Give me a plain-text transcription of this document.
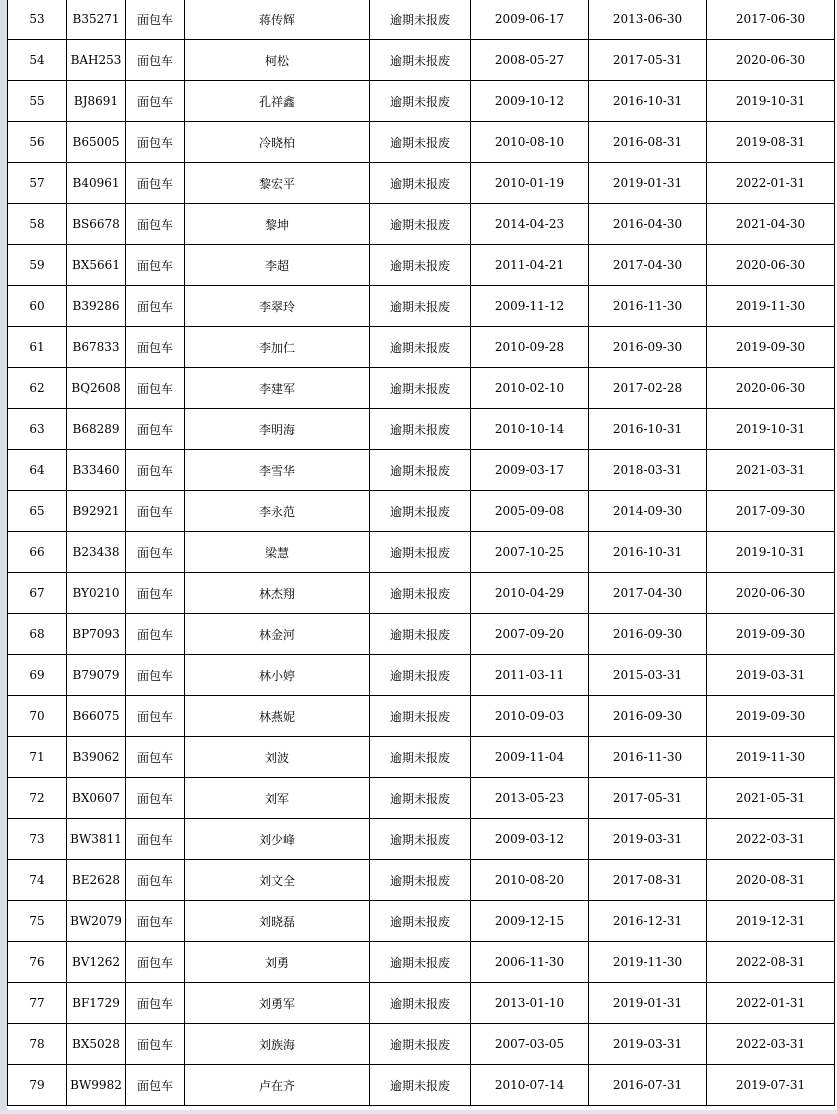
53	B35271	面包车	蒋传辉	逾期未报废	2009-06-17	2013-06-30	2017-06-30
54	BAH253	面包车	柯松	逾期未报废	2008-05-27	2017-05-31	2020-06-30
55	BJ8691	面包车	孔祥鑫	逾期未报废	2009-10-12	2016-10-31	2019-10-31
56	B65005	面包车	冷晓柏	逾期未报废	2010-08-10	2016-08-31	2019-08-31
57	B40961	面包车	黎宏平	逾期未报废	2010-01-19	2019-01-31	2022-01-31
58	BS6678	面包车	黎坤	逾期未报废	2014-04-23	2016-04-30	2021-04-30
59	BX5661	面包车	李超	逾期未报废	2011-04-21	2017-04-30	2020-06-30
60	B39286	面包车	李翠玲	逾期未报废	2009-11-12	2016-11-30	2019-11-30
61	B67833	面包车	李加仁	逾期未报废	2010-09-28	2016-09-30	2019-09-30
62	BQ2608	面包车	李建军	逾期未报废	2010-02-10	2017-02-28	2020-06-30
63	B68289	面包车	李明海	逾期未报废	2010-10-14	2016-10-31	2019-10-31
64	B33460	面包车	李雪华	逾期未报废	2009-03-17	2018-03-31	2021-03-31
65	B92921	面包车	李永范	逾期未报废	2005-09-08	2014-09-30	2017-09-30
66	B23438	面包车	梁慧	逾期未报废	2007-10-25	2016-10-31	2019-10-31
67	BY0210	面包车	林杰翔	逾期未报废	2010-04-29	2017-04-30	2020-06-30
68	BP7093	面包车	林金河	逾期未报废	2007-09-20	2016-09-30	2019-09-30
69	B79079	面包车	林小婷	逾期未报废	2011-03-11	2015-03-31	2019-03-31
70	B66075	面包车	林燕妮	逾期未报废	2010-09-03	2016-09-30	2019-09-30
71	B39062	面包车	刘波	逾期未报废	2009-11-04	2016-11-30	2019-11-30
72	BX0607	面包车	刘军	逾期未报废	2013-05-23	2017-05-31	2021-05-31
73	BW3811	面包车	刘少峰	逾期未报废	2009-03-12	2019-03-31	2022-03-31
74	BE2628	面包车	刘文全	逾期未报废	2010-08-20	2017-08-31	2020-08-31
75	BW2079	面包车	刘晓磊	逾期未报废	2009-12-15	2016-12-31	2019-12-31
76	BV1262	面包车	刘勇	逾期未报废	2006-11-30	2019-11-30	2022-08-31
77	BF1729	面包车	刘勇军	逾期未报废	2013-01-10	2019-01-31	2022-01-31
78	BX5028	面包车	刘族海	逾期未报废	2007-03-05	2019-03-31	2022-03-31
79	BW9982	面包车	卢在齐	逾期未报废	2010-07-14	2016-07-31	2019-07-31
